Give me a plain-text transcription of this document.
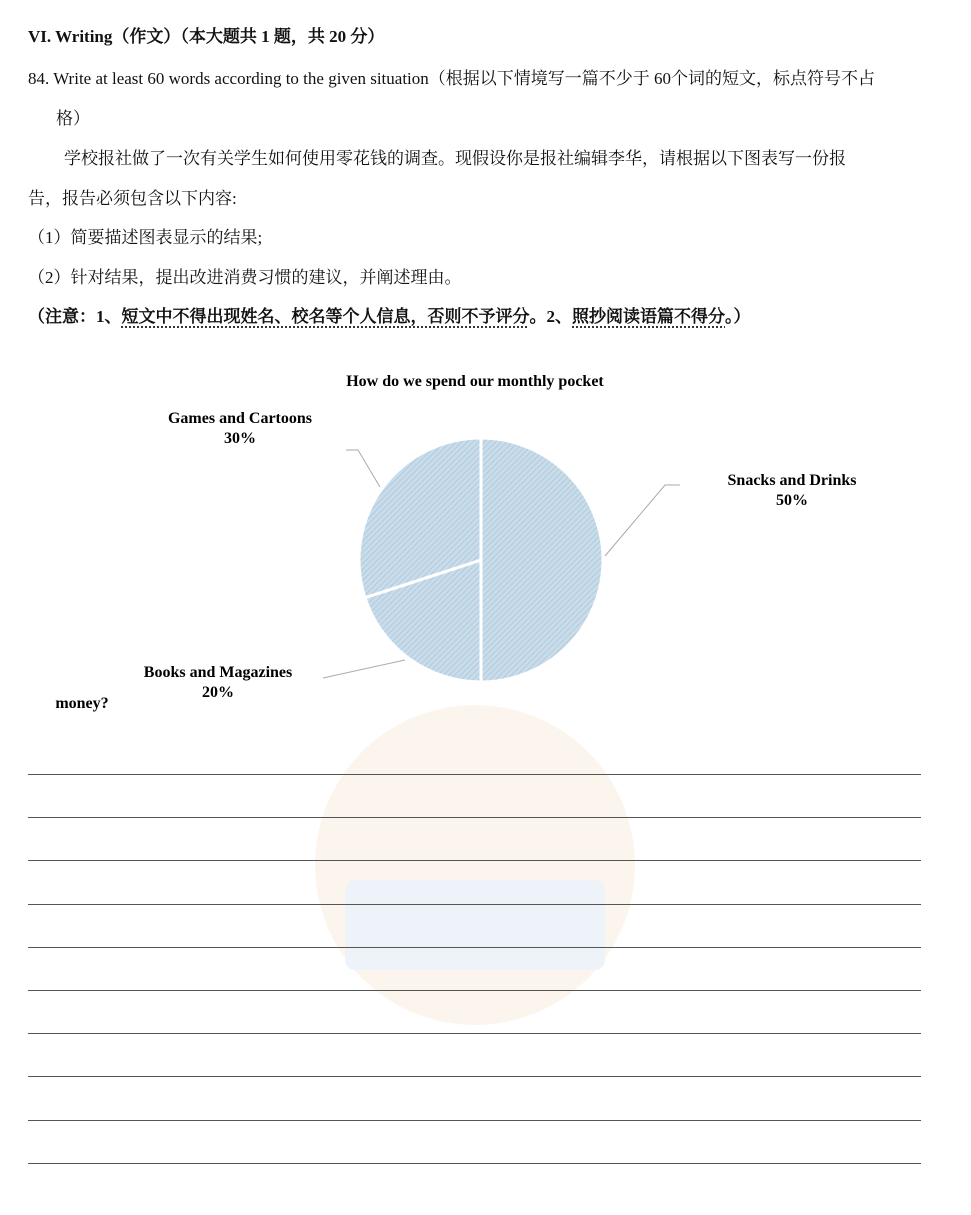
VI. Writing（作文）（本大题共 1 题，共 20 分）
84. Write at least 60 words according to the given situation（根据以下情境写一篇不少于 60个词的短文，标点符号不占
格）
学校报社做了一次有关学生如何使用零花钱的调查。现假设你是报社编辑李华，请根据以下图表写一份报
告，报告必须包含以下内容:
（1）简要描述图表显示的结果;
（2）针对结果，提出改进消费习惯的建议，并阐述理由。
（注意：1、短文中不得出现姓名、校名等个人信息，否则不予评分。2、照抄阅读语篇不得分。）
How do we spend our monthly pocket
Snacks and Drinks
50%
Books and Magazines
20%
Games and Cartoons
30%
money?
